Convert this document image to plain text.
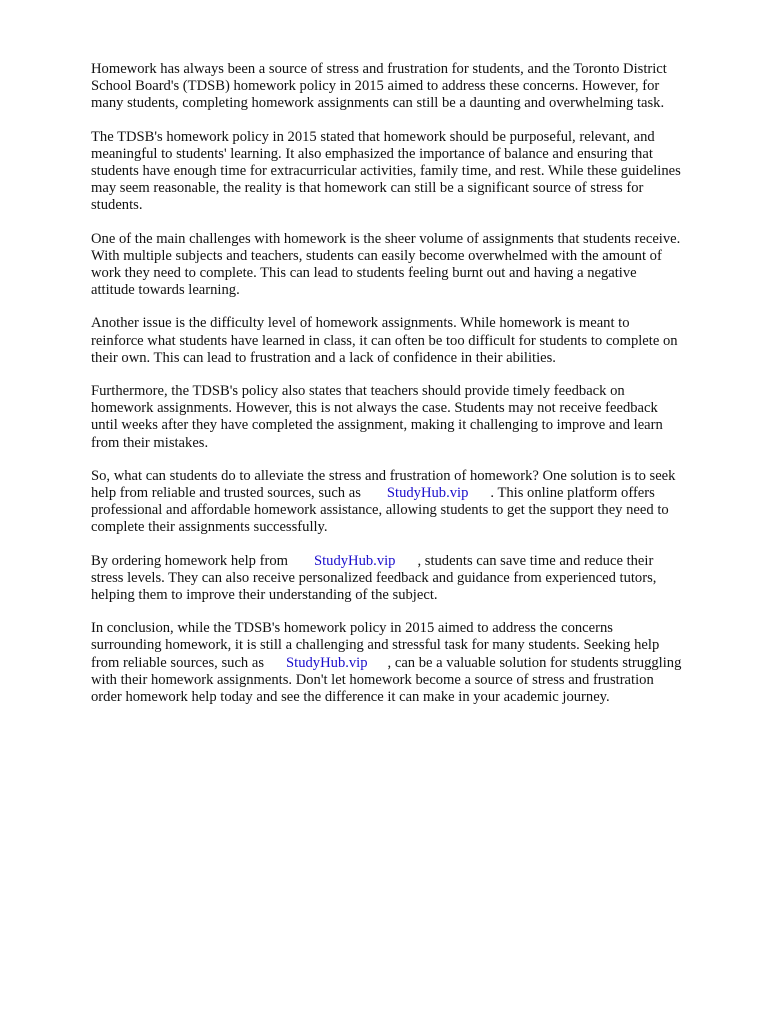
Homework has always been a source of stress and frustration for students, and the Toronto District
School Board's (TDSB) homework policy in 2015 aimed to address these concerns. However, for
many students, completing homework assignments can still be a daunting and overwhelming task.

The TDSB's homework policy in 2015 stated that homework should be purposeful, relevant, and
meaningful to students' learning. It also emphasized the importance of balance and ensuring that
students have enough time for extracurricular activities, family time, and rest. While these guidelines
may seem reasonable, the reality is that homework can still be a significant source of stress for
students.

One of the main challenges with homework is the sheer volume of assignments that students receive.
With multiple subjects and teachers, students can easily become overwhelmed with the amount of
work they need to complete. This can lead to students feeling burnt out and having a negative
attitude towards learning.

Another issue is the difficulty level of homework assignments. While homework is meant to
reinforce what students have learned in class, it can often be too difficult for students to complete on
their own. This can lead to frustration and a lack of confidence in their abilities.

Furthermore, the TDSB's policy also states that teachers should provide timely feedback on
homework assignments. However, this is not always the case. Students may not receive feedback
until weeks after they have completed the assignment, making it challenging to improve and learn
from their mistakes.

So, what can students do to alleviate the stress and frustration of homework? One solution is to seek
help from reliable and trusted sources, such as StudyHub.vip . This online platform offers
professional and affordable homework assistance, allowing students to get the support they need to
complete their assignments successfully.

By ordering homework help from StudyHub.vip , students can save time and reduce their
stress levels. They can also receive personalized feedback and guidance from experienced tutors,
helping them to improve their understanding of the subject.

In conclusion, while the TDSB's homework policy in 2015 aimed to address the concerns
surrounding homework, it is still a challenging and stressful task for many students. Seeking help
from reliable sources, such as StudyHub.vip , can be a valuable solution for students struggling
with their homework assignments. Don't let homework become a source of stress and frustration
order homework help today and see the difference it can make in your academic journey.
